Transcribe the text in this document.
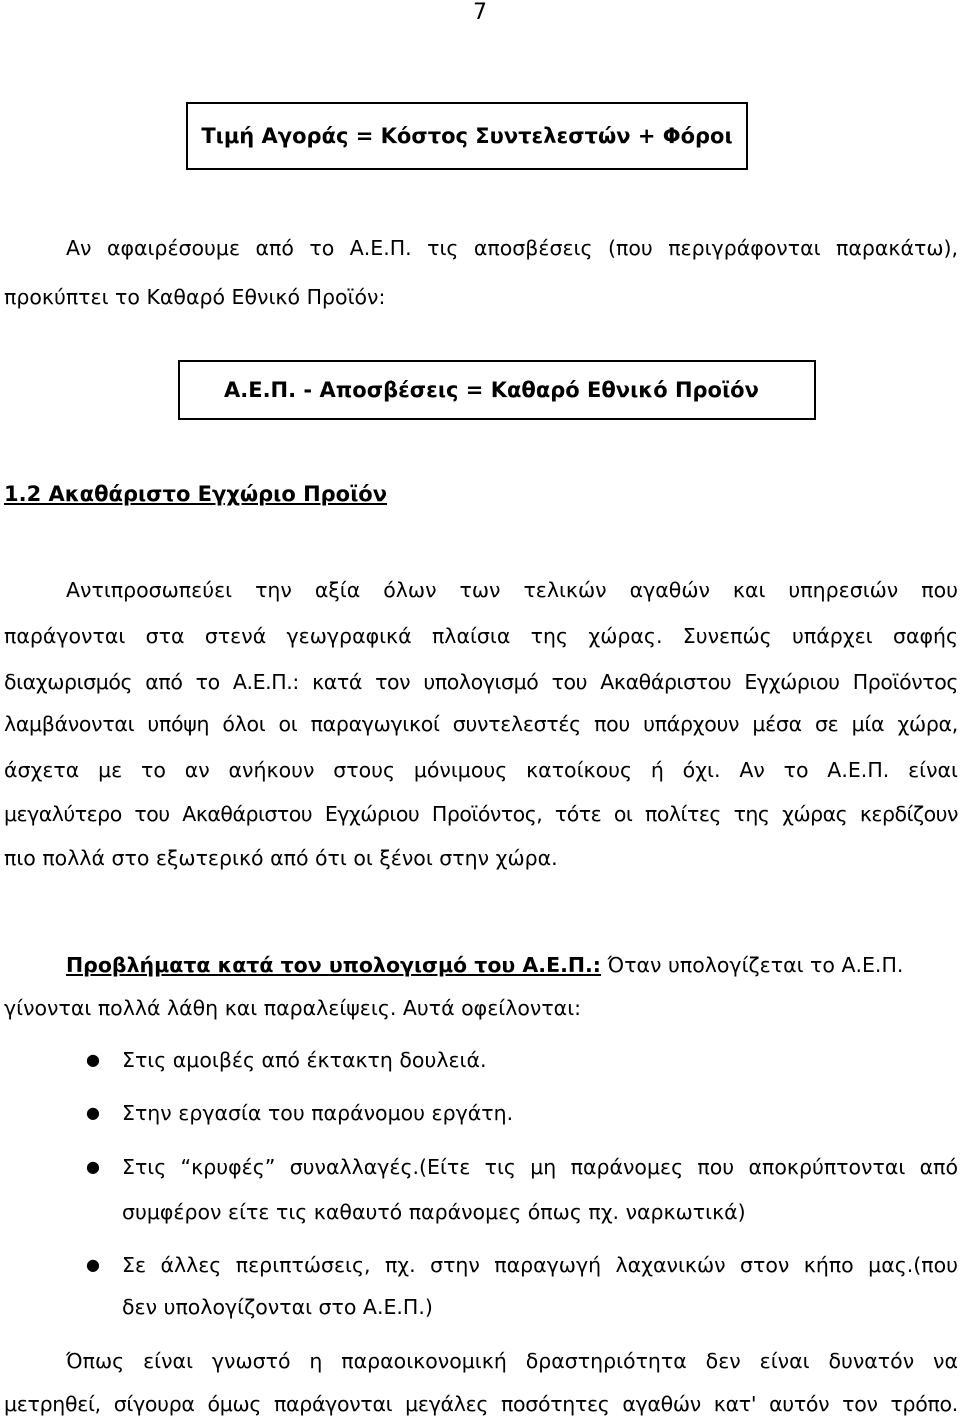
7
Τιμή Αγοράς = Κόστος Συντελεστών + Φόροι
Αν αφαιρέσουμε από το Α.Ε.Π. τις αποσβέσεις (που περιγράφονται παρακάτω),
προκύπτει το Καθαρό Εθνικό Προϊόν:
Α.Ε.Π. - Αποσβέσεις = Καθαρό Εθνικό Προϊόν
1.2 Ακαθάριστο Εγχώριο Προϊόν
Αντιπροσωπεύει την αξία όλων των τελικών αγαθών και υπηρεσιών που
παράγονται στα στενά γεωγραφικά πλαίσια της χώρας. Συνεπώς υπάρχει σαφής
διαχωρισμός από το Α.Ε.Π.: κατά τον υπολογισμό του Ακαθάριστου Εγχώριου Προϊόντος
λαμβάνονται υπόψη όλοι οι παραγωγικοί συντελεστές που υπάρχουν μέσα σε μία χώρα,
άσχετα με το αν ανήκουν στους μόνιμους κατοίκους ή όχι. Αν το Α.Ε.Π. είναι
μεγαλύτερο του Ακαθάριστου Εγχώριου Προϊόντος, τότε οι πολίτες της χώρας κερδίζουν
πιο πολλά στο εξωτερικό από ότι οι ξένοι στην χώρα.
Προβλήματα κατά τον υπολογισμό του Α.Ε.Π.: Όταν υπολογίζεται το Α.Ε.Π.
γίνονται πολλά λάθη και παραλείψεις. Αυτά οφείλονται:
● Στις αμοιβές από έκτακτη δουλειά.
● Στην εργασία του παράνομου εργάτη.
● Στις “κρυφές” συναλλαγές.(Είτε τις μη παράνομες που αποκρύπτονται από
συμφέρον είτε τις καθαυτό παράνομες όπως πχ. ναρκωτικά)
● Σε άλλες περιπτώσεις, πχ. στην παραγωγή λαχανικών στον κήπο μας.(που
δεν υπολογίζονται στο Α.Ε.Π.)
Όπως είναι γνωστό η παραοικονομική δραστηριότητα δεν είναι δυνατόν να
μετρηθεί, σίγουρα όμως παράγονται μεγάλες ποσότητες αγαθών κατ' αυτόν τον τρόπο.
